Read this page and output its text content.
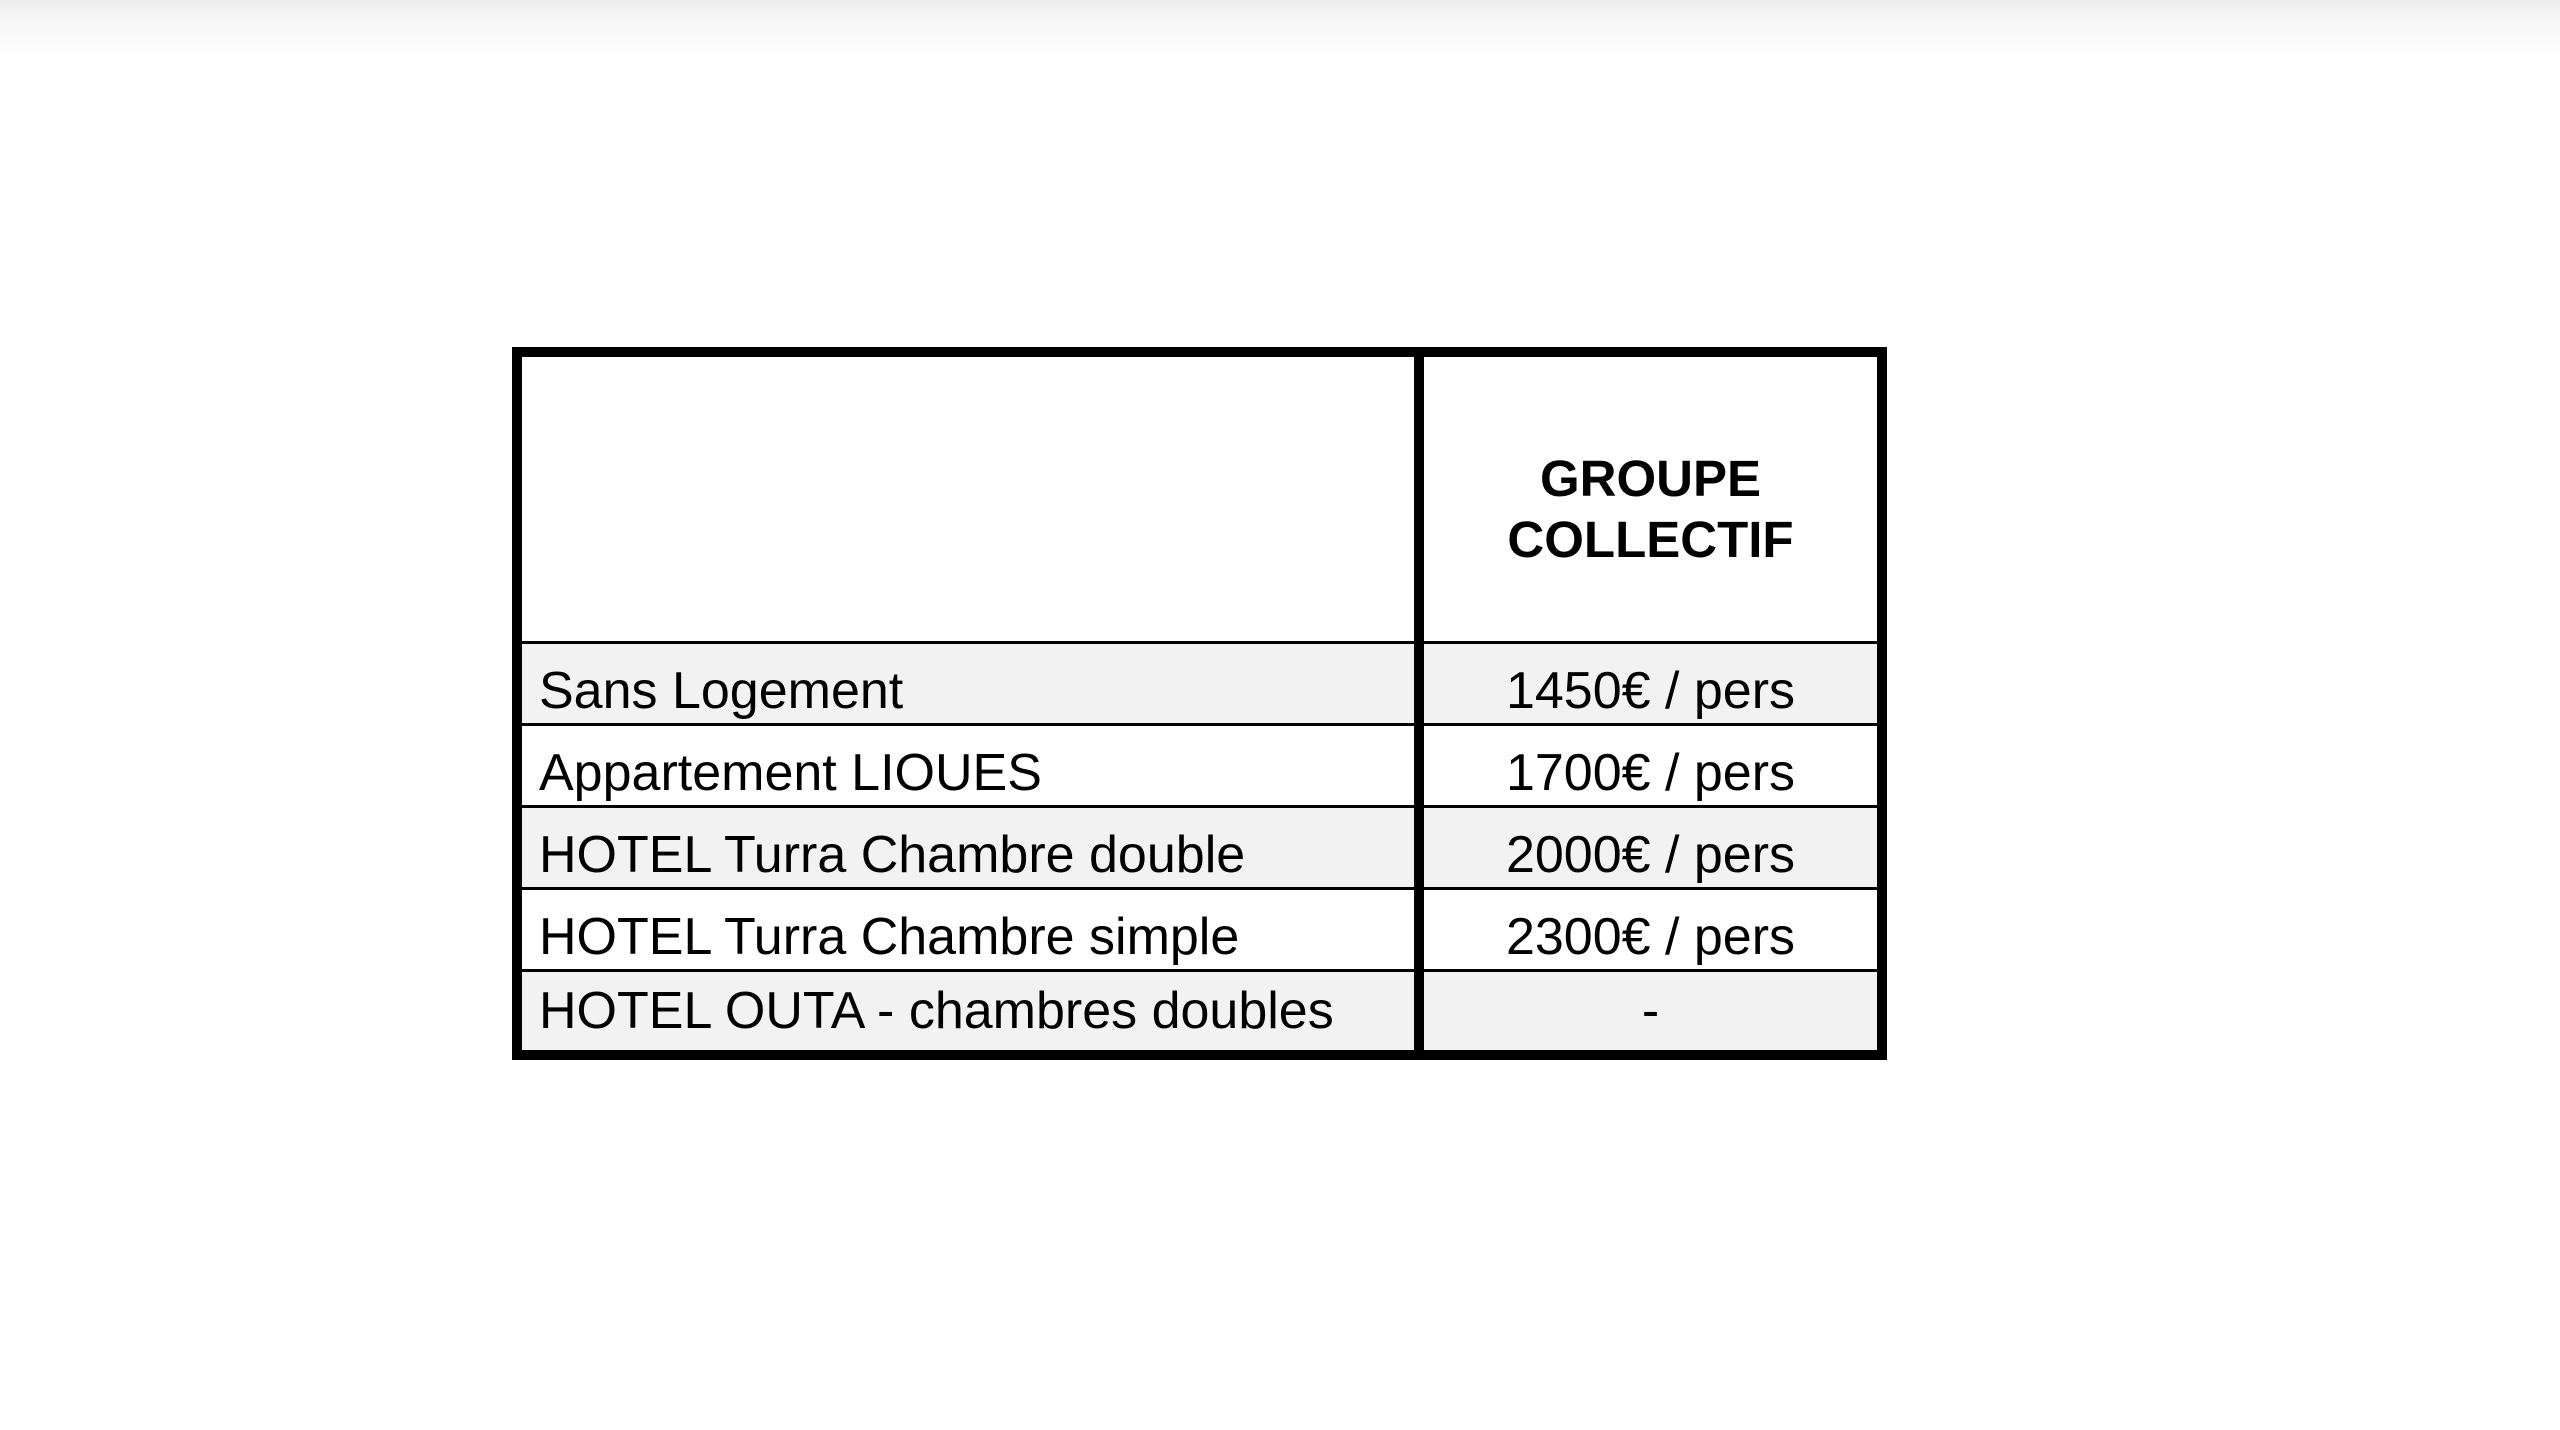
	GROUPE
COLLECTIF

Sans Logement	1450€ / pers

Appartement LIOUES	1700€ / pers

HOTEL Turra Chambre double	2000€ / pers

HOTEL Turra Chambre simple	2300€ / pers

HOTEL OUTA - chambres doubles	-
